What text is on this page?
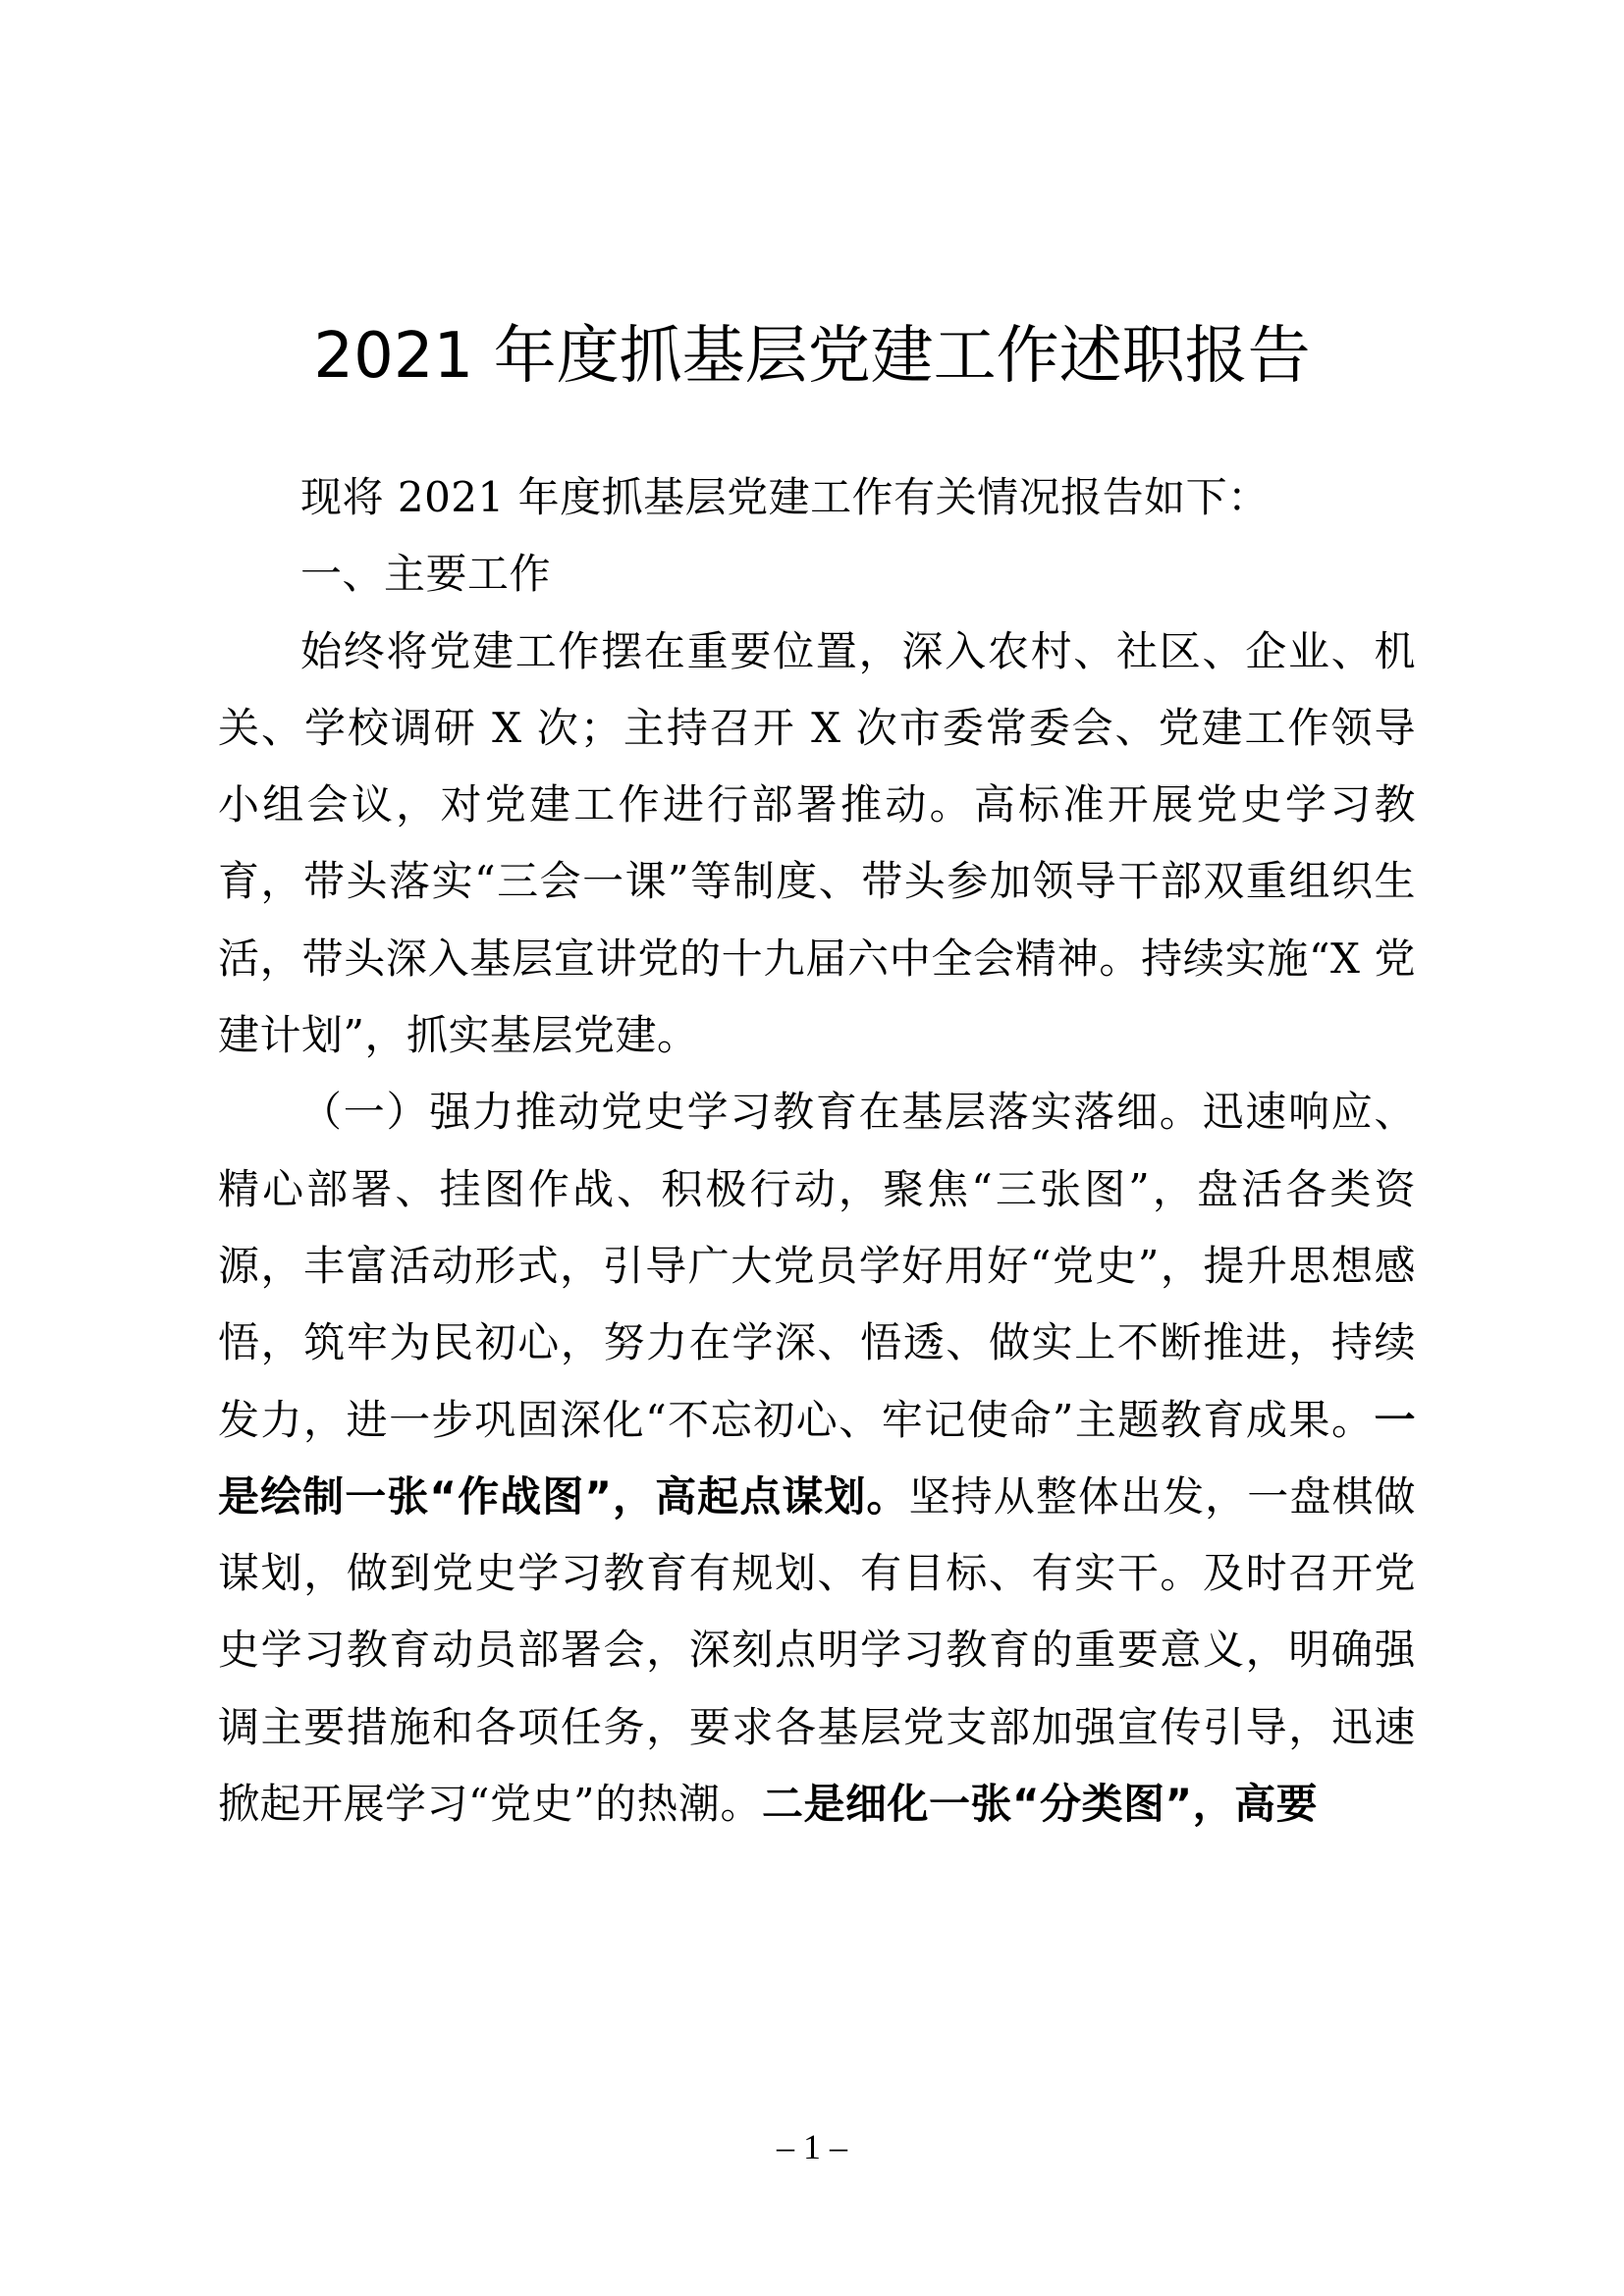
2021 年度抓基层党建工作述职报告

现将 2021 年度抓基层党建工作有关情况报告如下：

一、主要工作

始终将党建工作摆在重要位置，深入农村、社区、企业、机关、学校调研 X 次；主持召开 X 次市委常委会、党建工作领导小组会议，对党建工作进行部署推动。高标准开展党史学习教育，带头落实“三会一课”等制度、带头参加领导干部双重组织生活，带头深入基层宣讲党的十九届六中全会精神。持续实施“X 党建计划”，抓实基层党建。

（一）强力推动党史学习教育在基层落实落细。迅速响应、精心部署、挂图作战、积极行动，聚焦“三张图”，盘活各类资源，丰富活动形式，引导广大党员学好用好“党史”，提升思想感悟，筑牢为民初心，努力在学深、悟透、做实上不断推进，持续发力，进一步巩固深化“不忘初心、牢记使命”主题教育成果。一是绘制一张“作战图”，高起点谋划。坚持从整体出发，一盘棋做谋划，做到党史学习教育有规划、有目标、有实干。及时召开党史学习教育动员部署会，深刻点明学习教育的重要意义，明确强调主要措施和各项任务，要求各基层党支部加强宣传引导，迅速掀起开展学习“党史”的热潮。二是细化一张“分类图”，高要

– 1 –
